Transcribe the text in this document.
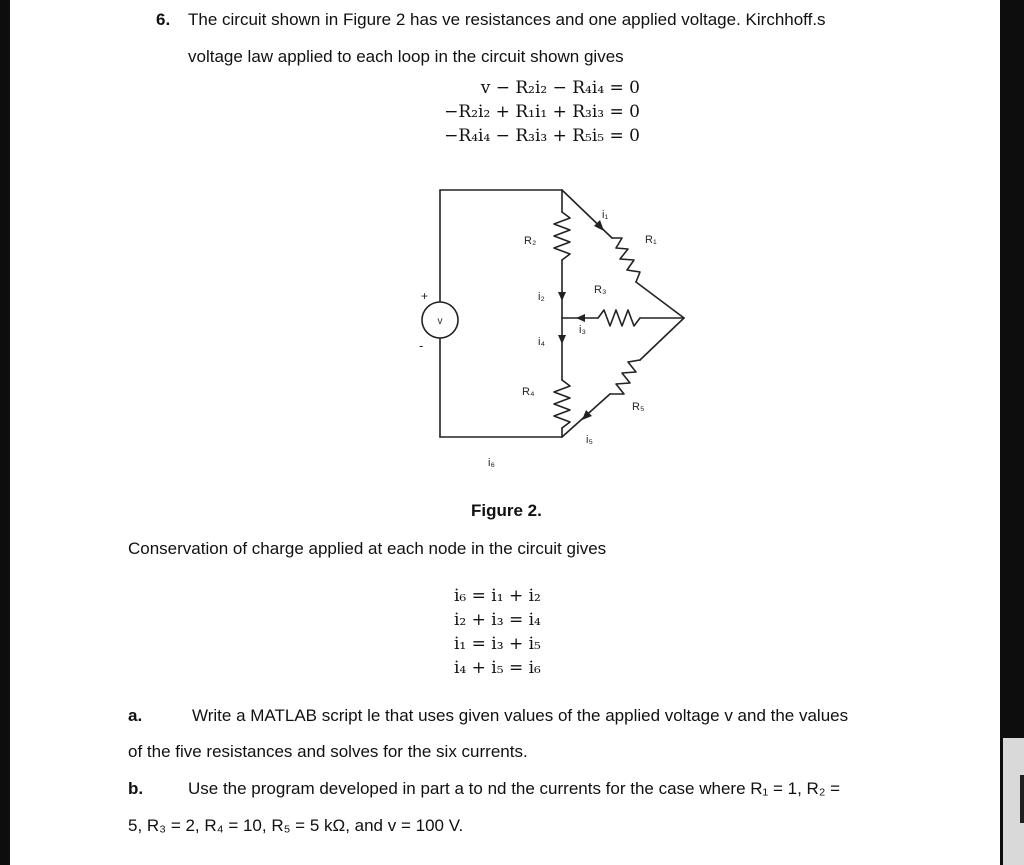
6. The circuit shown in Figure 2 has ve resistances and one applied voltage. Kirchhoff.s
voltage law applied to each loop in the circuit shown gives
v − R₂i₂ − R₄i₄ = 0
−R₂i₂ + R₁i₁ + R₃i₃ = 0
−R₄i₄ − R₃i₃ + R₅i₅ = 0
v
+
-
R₁
R₂
R₃
R₄
R₅
i₁
i₂
i₃
i₄
i₅
i₆
Figure 2.
Conservation of charge applied at each node in the circuit gives
i₆ = i₁ + i₂
i₂ + i₃ = i₄
i₁ = i₃ + i₅
i₄ + i₅ = i₆
a.	Write a MATLAB script le that uses given values of the applied voltage v and the values
of the five resistances and solves for the six currents.
b.	Use the program developed in part a to nd the currents for the case where R₁ = 1, R₂ =
5, R₃ = 2, R₄ = 10, R₅ = 5 kΩ, and v = 100 V.
